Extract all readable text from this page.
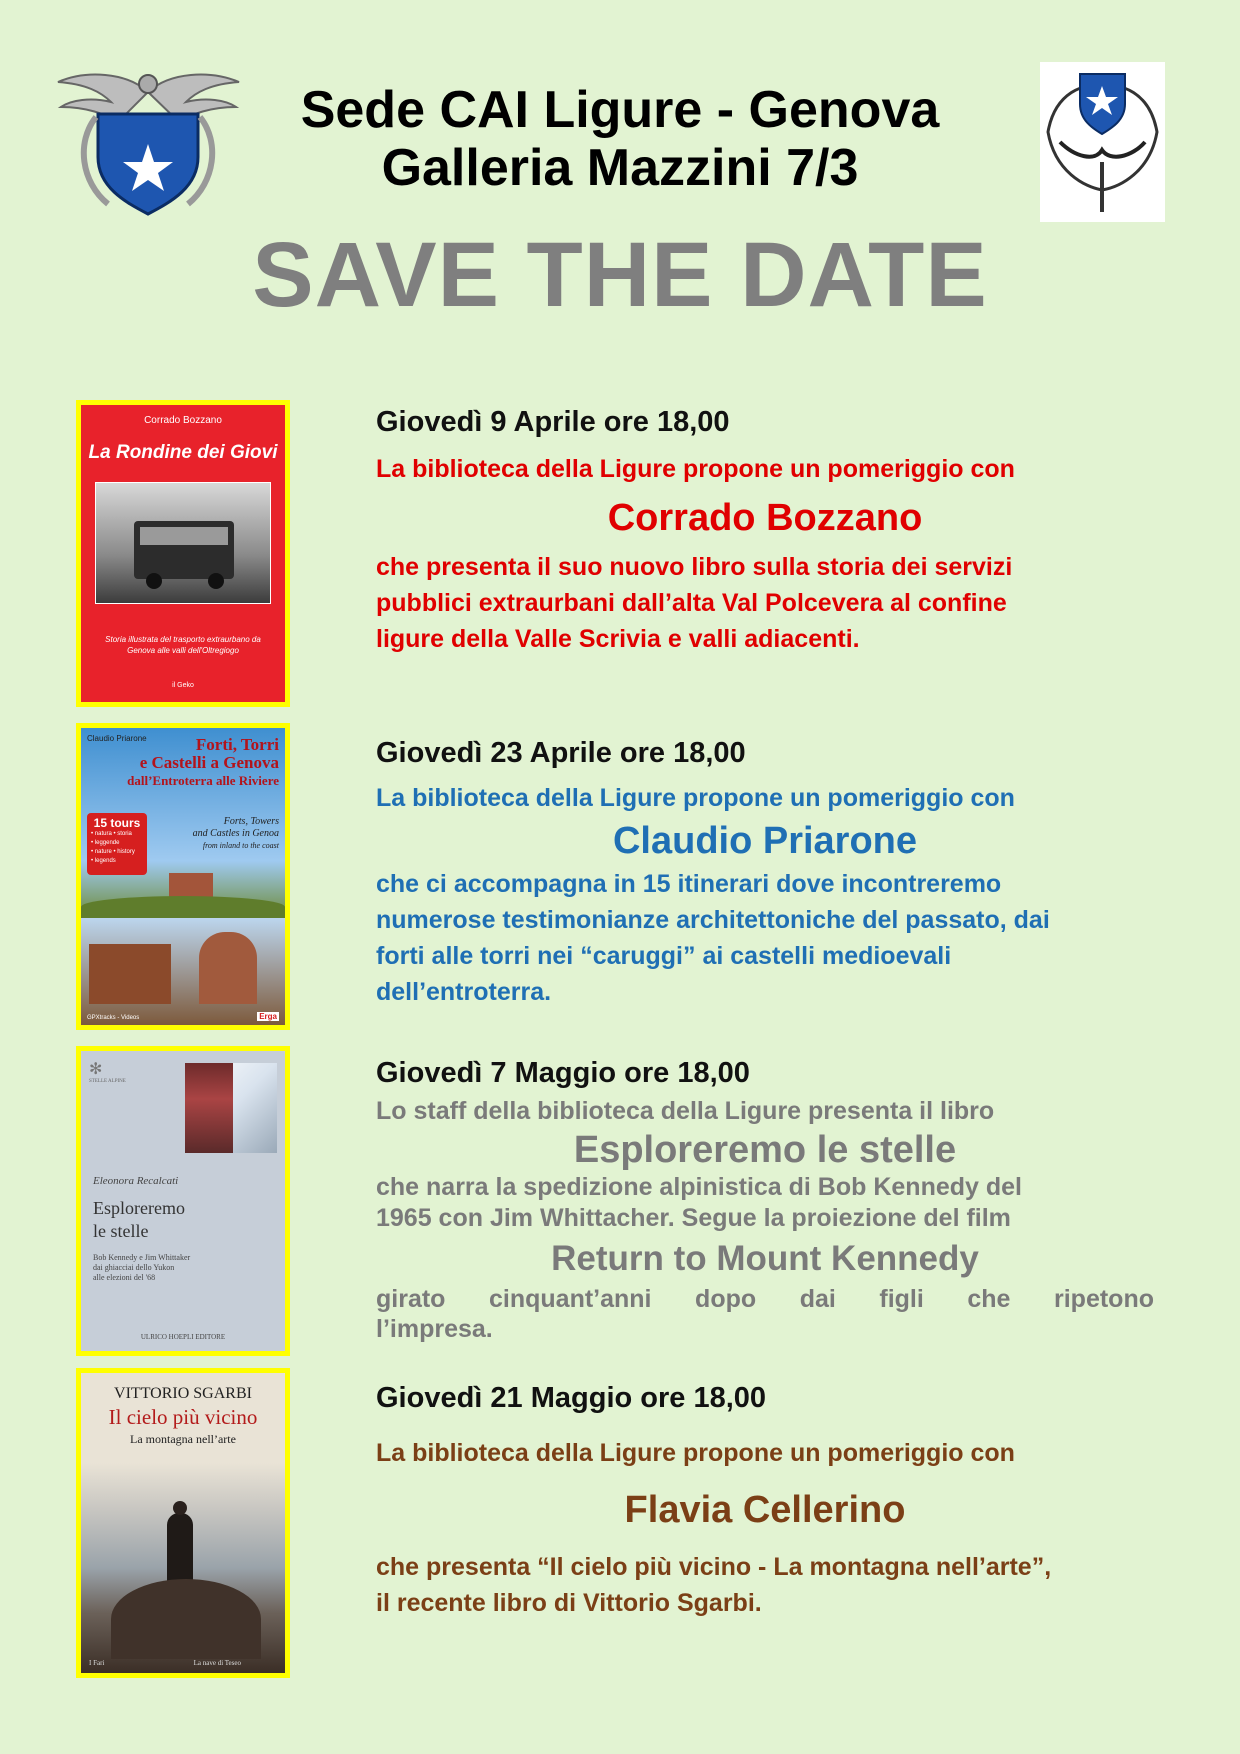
Sede CAI Ligure - Genova
Galleria Mazzini 7/3
SAVE THE DATE
Corrado Bozzano
La Rondine dei Giovi
Storia illustrata del trasporto extraurbano da Genova alle valli dell'Oltregiogo
il Geko
Giovedì 9 Aprile ore 18,00
La biblioteca della Ligure propone un pomeriggio con
Corrado Bozzano
che presenta il suo nuovo libro sulla storia dei servizi
pubblici extraurbani dall’alta Val Polcevera al confine
ligure della Valle Scrivia e valli adiacenti.
Claudio Priarone	Forti, Torri
e Castelli a Genova
dall’Entroterra alle Riviere
15 tours
• natura • storia
• leggende
• nature • history
• legends
Forts, Towers
and Castles in Genoa
from inland to the coast
GPXtracks - Videos	Erga
Giovedì 23 Aprile ore 18,00
La biblioteca della Ligure propone un pomeriggio con
Claudio Priarone
che ci accompagna in 15 itinerari dove incontreremo
numerose testimonianze architettoniche del passato, dai
forti alle torri nei “caruggi” ai castelli medioevali
dell’entroterra.
✻
STELLE ALPINE
Eleonora Recalcati
Esploreremo
le stelle
Bob Kennedy e Jim Whittaker
dai ghiacciai dello Yukon
alle elezioni del '68
ULRICO HOEPLI EDITORE
Giovedì 7 Maggio ore 18,00
Lo staff della biblioteca della Ligure presenta il libro
Esploreremo le stelle
che narra la spedizione alpinistica di Bob Kennedy del
1965 con Jim Whittacher. Segue la proiezione del film
Return to Mount Kennedy
girato cinquant’anni dopo dai figli che ripetono
l’impresa.
VITTORIO SGARBI
Il cielo più vicino
La montagna nell’arte
I Fari	La nave di Teseo
Giovedì 21 Maggio ore 18,00
La biblioteca della Ligure propone un pomeriggio con
Flavia Cellerino
che presenta “Il cielo più vicino - La montagna nell’arte”,
il recente libro di Vittorio Sgarbi.
